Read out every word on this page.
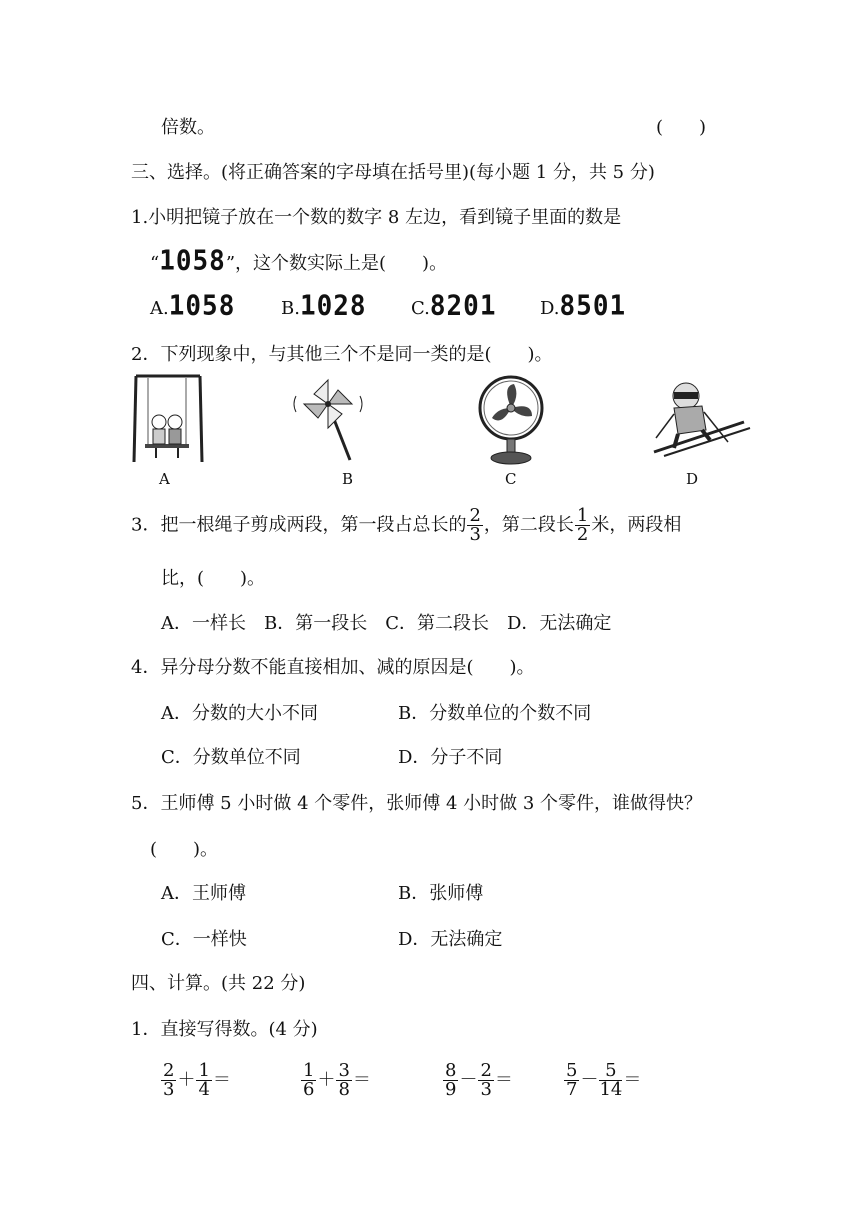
倍数。	(　　)
三、选择。(将正确答案的字母填在括号里)(每小题 1 分，共 5 分)
1.小明把镜子放在一个数的数字 8 左边，看到镜子里面的数是
“1058”，这个数实际上是(　　)。
A.1058	B.1028 C.8201 D.8501
2．下列现象中，与其他三个不是同一类的是(　　)。
A	B	C	D
3．把一根绳子剪成两段，第一段占总长的 $\frac{2}{3}$ ，第二段长 $\frac{1}{2}$ 米，两段相
比，(　　)。
A．一样长　B．第一段长　C．第二段长　D．无法确定
4．异分母分数不能直接相加、减的原因是(　　)。
A．分数的大小不同	B．分数单位的个数不同
C．分数单位不同	D．分子不同
5．王师傅 5 小时做 4 个零件，张师傅 4 小时做 3 个零件，谁做得快？
(　　)。
A．王师傅	B．张师傅
C．一样快	D．无法确定
四、计算。(共 22 分)
1．直接写得数。(4 分)
$\frac{2}{3} + \frac{1}{4}$ ＝	$\frac{1}{6} + \frac{3}{8}$ ＝	$\frac{8}{9} - \frac{2}{3}$ ＝	$\frac{5}{7} - \frac{5}{14}$ ＝
